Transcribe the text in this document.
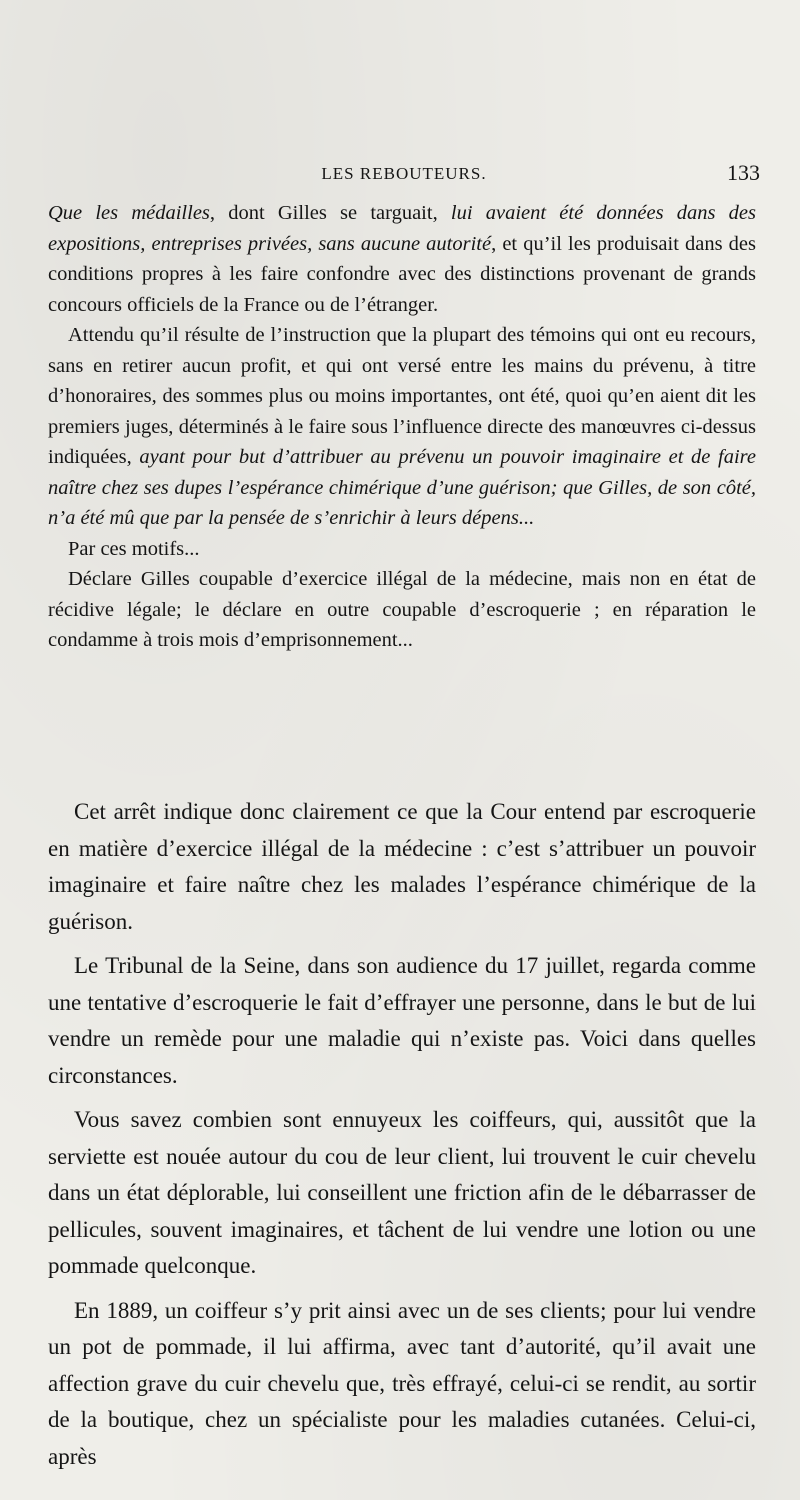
LES REBOUTEURS.	133

Que les médailles, dont Gilles se targuait, lui avaient été données dans des expositions, entreprises privées, sans aucune autorité, et qu’il les produisait dans des conditions propres à les faire confondre avec des distinctions provenant de grands concours officiels de la France ou de l’étranger.

Attendu qu’il résulte de l’instruction que la plupart des témoins qui ont eu recours, sans en retirer aucun profit, et qui ont versé entre les mains du prévenu, à titre d’honoraires, des sommes plus ou moins importantes, ont été, quoi qu’en aient dit les premiers juges, déterminés à le faire sous l’influence directe des manœuvres ci-dessus indiquées, ayant pour but d’attribuer au prévenu un pouvoir imaginaire et de faire naître chez ses dupes l’espérance chimérique d’une guérison; que Gilles, de son côté, n’a été mû que par la pensée de s’enrichir à leurs dépens...

Par ces motifs...

Déclare Gilles coupable d’exercice illégal de la médecine, mais non en état de récidive légale; le déclare en outre coupable d’escroquerie ; en réparation le condamme à trois mois d’emprisonnement...

Cet arrêt indique donc clairement ce que la Cour entend par escroquerie en matière d’exercice illégal de la médecine : c’est s’attribuer un pouvoir imaginaire et faire naître chez les malades l’espérance chimérique de la guérison.

Le Tribunal de la Seine, dans son audience du 17 juillet, regarda comme une tentative d’escroquerie le fait d’effrayer une personne, dans le but de lui vendre un remède pour une maladie qui n’existe pas. Voici dans quelles circonstances.

Vous savez combien sont ennuyeux les coiffeurs, qui, aussitôt que la serviette est nouée autour du cou de leur client, lui trouvent le cuir chevelu dans un état déplorable, lui conseillent une friction afin de le débarrasser de pellicules, souvent imaginaires, et tâchent de lui vendre une lotion ou une pommade quelconque.

En 1889, un coiffeur s’y prit ainsi avec un de ses clients; pour lui vendre un pot de pommade, il lui affirma, avec tant d’autorité, qu’il avait une affection grave du cuir chevelu que, très effrayé, celui-ci se rendit, au sortir de la boutique, chez un spécialiste pour les maladies cutanées. Celui-ci, après
